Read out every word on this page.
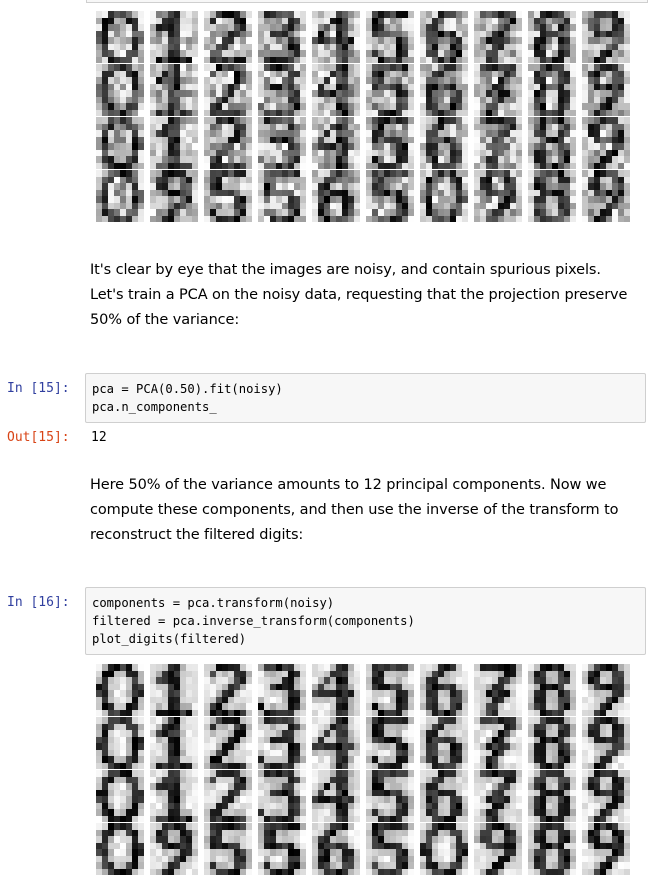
It's clear by eye that the images are noisy, and contain spurious pixels. Let's train a PCA on the noisy data, requesting that the projection preserve 50% of the variance:
In [15]:	pca = PCA(0.50).fit(noisy)
pca.n_components_
Out[15]:	12
Here 50% of the variance amounts to 12 principal components. Now we compute these components, and then use the inverse of the transform to reconstruct the filtered digits:
In [16]:	components = pca.transform(noisy)
filtered = pca.inverse_transform(components)
plot_digits(filtered)
